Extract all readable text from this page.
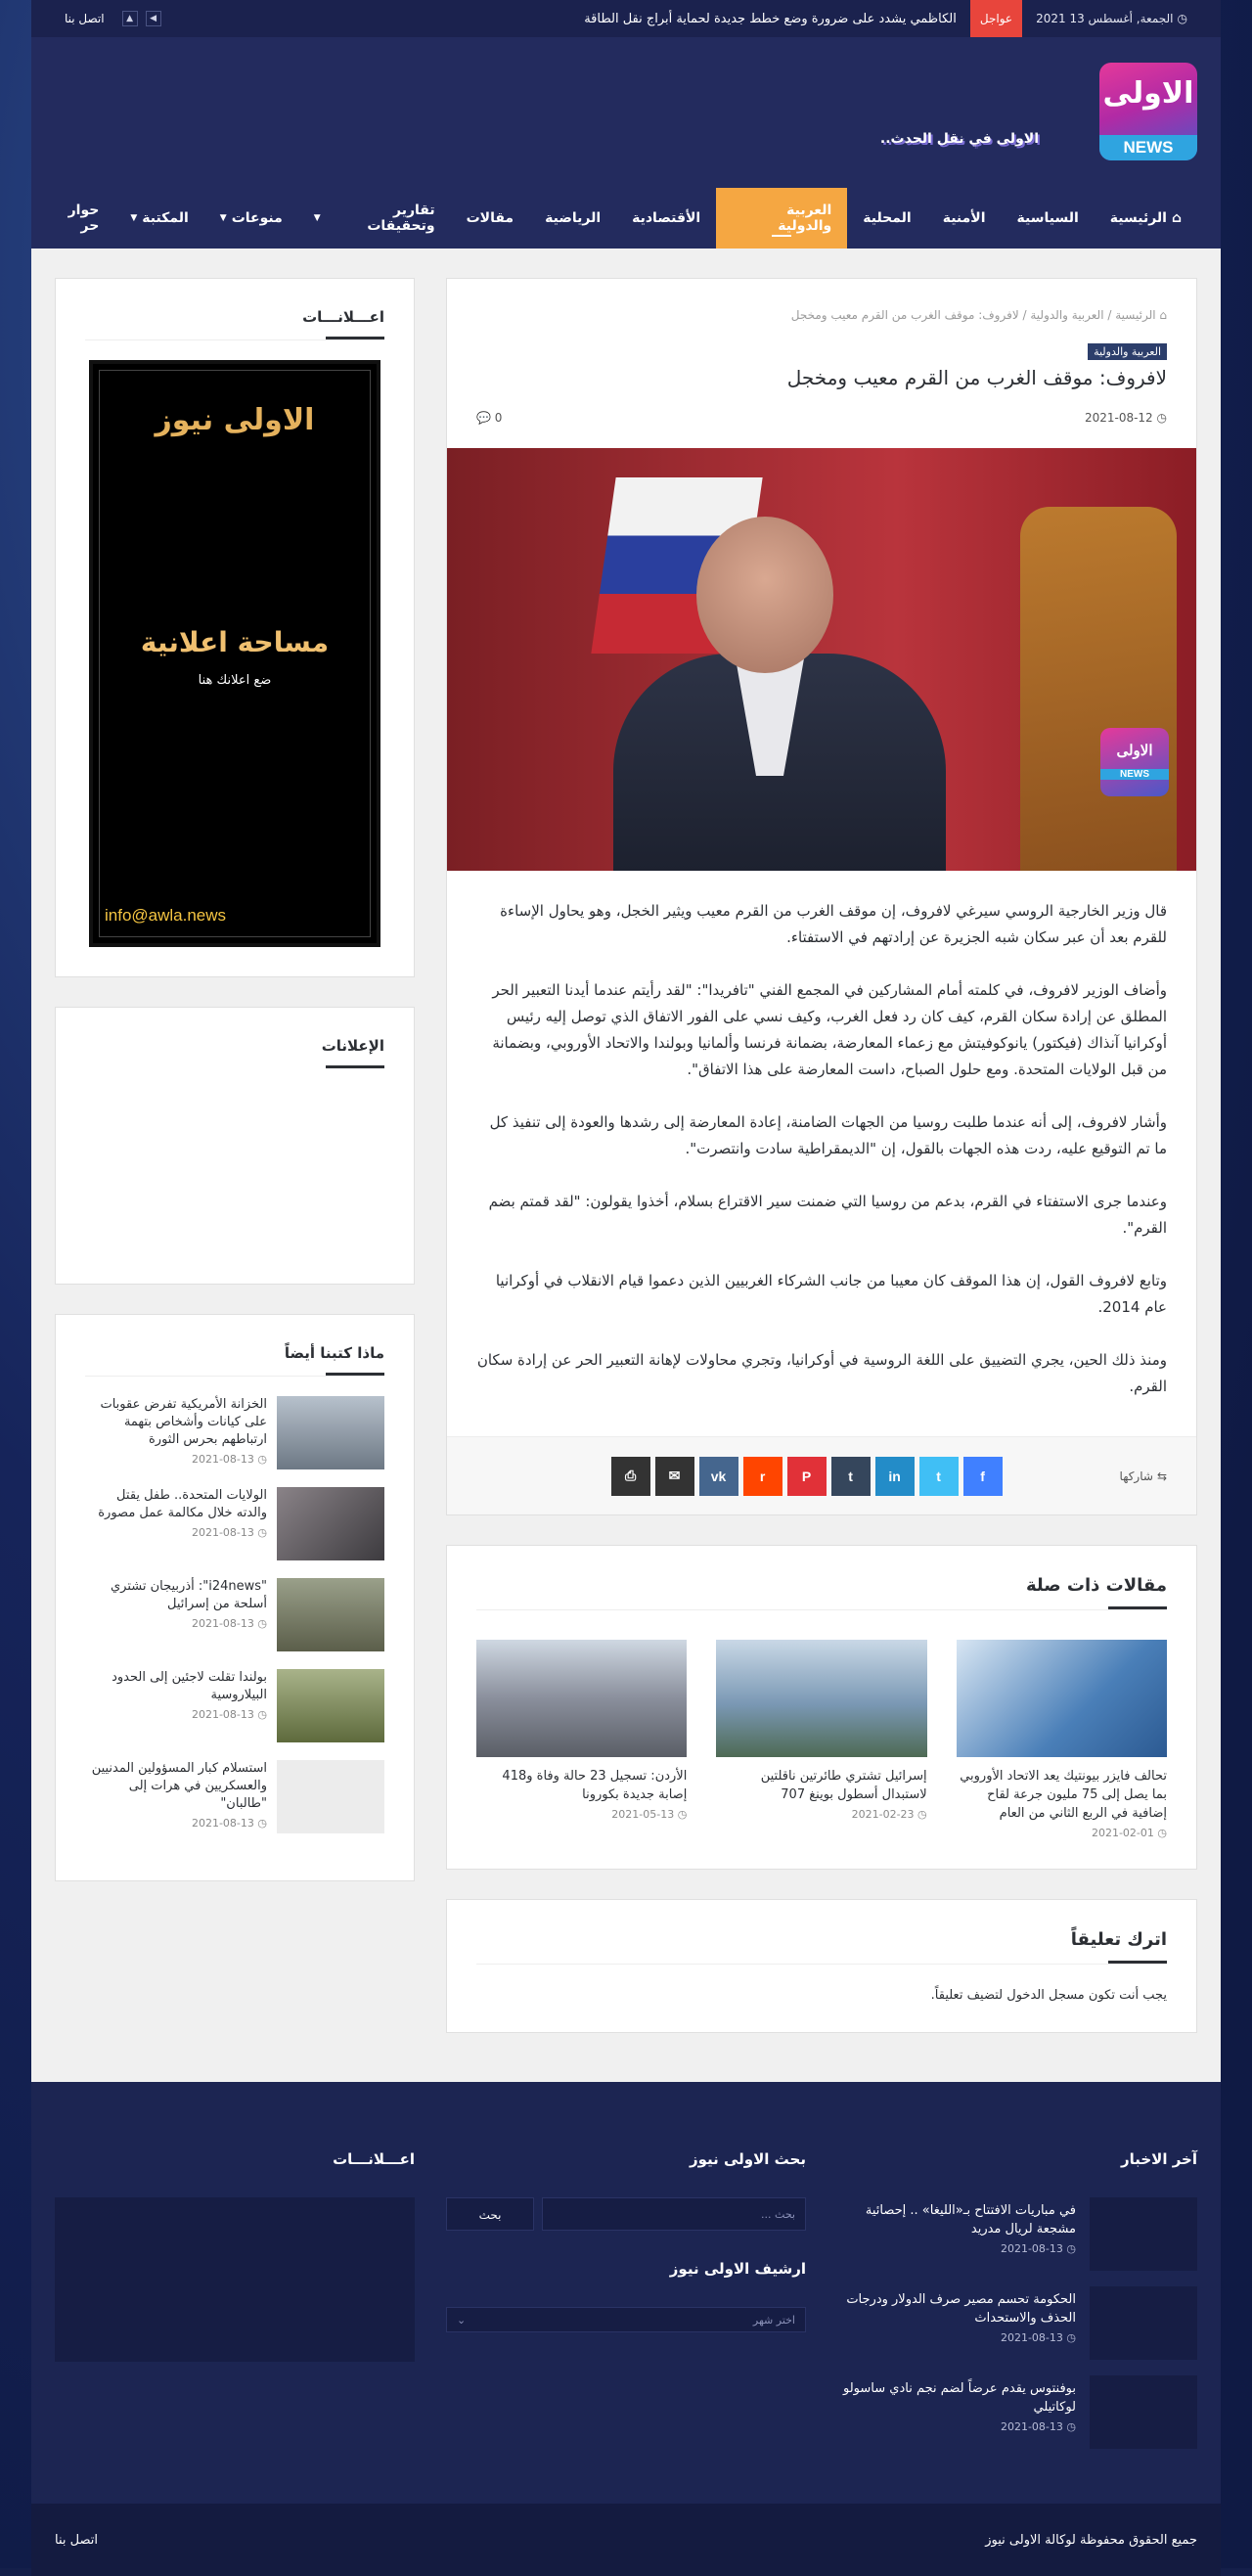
◷
الجمعة, أغسطس 13 2021
عواجل
الكاظمي يشدد على ضرورة وضع خطط جديدة لحماية أبراج نقل الطاقة
◀
▲
اتصل بنا
الاولى
NEWS
الاولى في نقل الحدث..
⌂
الرئيسية
السياسية
الأمنية
المحلية
العربية والدولية
الأقتصادية
الرياضية
مقالات
تقارير وتحقيقات
▼
منوعات
▼
المكتبة
▼
حوار حر
⌂ الرئيسية / العربية والدولية / لافروف: موقف الغرب من القرم معيب ومخجل
العربية والدولية
لافروف: موقف الغرب من القرم معيب ومخجل
◷ 2021-08-12
0 💬
الاولى
NEWS

قال وزير الخارجية الروسي سيرغي لافروف، إن موقف الغرب من القرم معيب ويثير الخجل، وهو يحاول الإساءة للقرم بعد أن عبر سكان شبه الجزيرة عن إرادتهم في الاستفتاء.

وأضاف الوزير لافروف، في كلمته أمام المشاركين في المجمع الفني "تافريدا": "لقد رأيتم عندما أيدنا التعبير الحر المطلق عن إرادة سكان القرم، كيف كان رد فعل الغرب، وكيف نسي على الفور الاتفاق الذي توصل إليه رئيس أوكرانيا آنذاك (فيكتور) يانوكوفيتش مع زعماء المعارضة، بضمانة فرنسا وألمانيا وبولندا والاتحاد الأوروبي، وبضمانة من قبل الولايات المتحدة. ومع حلول الصباح، داست المعارضة على هذا الاتفاق".

وأشار لافروف، إلى أنه عندما طلبت روسيا من الجهات الضامنة، إعادة المعارضة إلى رشدها والعودة إلى تنفيذ كل ما تم التوقيع عليه، ردت هذه الجهات بالقول، إن "الديمقراطية سادت وانتصرت".

وعندما جرى الاستفتاء في القرم، بدعم من روسيا التي ضمنت سير الاقتراع بسلام، أخذوا يقولون: "لقد قمتم بضم القرم".

وتابع لافروف القول، إن هذا الموقف كان معيبا من جانب الشركاء الغربيين الذين دعموا قيام الانقلاب في أوكرانيا عام 2014.

ومنذ ذلك الحين، يجري التضييق على اللغة الروسية في أوكرانيا، وتجري محاولات لإهانة التعبير الحر عن إرادة سكان القرم.

⇆
شاركها
f
t
in
t
P
r
vk
✉
⎙
مقالات ذات صلة
تحالف فايزر بيونتيك يعد الاتحاد الأوروبي بما يصل إلى 75 مليون جرعة لقاح إضافية في الربع الثاني من العام
◷ 2021-02-01
إسرائيل تشتري طائرتين ناقلتين لاستبدال أسطول بوينغ 707
◷ 2021-02-23
الأردن: تسجيل 23 حالة وفاة و418 إصابة جديدة بكورونا
◷ 2021-05-13
اترك تعليقاً
يجب أنت تكون مسجل الدخول لتضيف تعليقاً.
اعـــلانـــات
الاولى نيوز
مساحة اعلانية
ضع اعلانك هنا
info@awla.news
الإعلانات
ماذا كتبنا أيضاً
الخزانة الأمريكية تفرض عقوبات على كيانات وأشخاص بتهمة ارتباطهم بحرس الثورة
◷ 2021-08-13
الولايات المتحدة.. طفل يقتل والدته خلال مكالمة عمل مصورة
◷ 2021-08-13
"i24news": أذربيجان تشتري أسلحة من إسرائيل
◷ 2021-08-13
بولندا تقلت لاجئين إلى الحدود البيلاروسية
◷ 2021-08-13
استسلام كبار المسؤولين المدنيين والعسكريين في هرات إلى "طالبان"
◷ 2021-08-13
آخر الاخبار
في مباريات الافتتاح بـ«الليغا» .. إحصائية مشجعة لريال مدريد
◷ 2021-08-13
الحكومة تحسم مصير صرف الدولار ودرجات الحذف والاستحداث
◷ 2021-08-13
بوفنتوس يقدم عرضاً لضم نجم نادي ساسولو لوكاتيلي
◷ 2021-08-13
بحث الاولى نيوز
بحث ...
بحث
ارشيف الاولى نيوز
اختر شهر
⌄
اعـــلانـــات
جميع الحقوق محفوظة لوكالة الاولى نيوز
اتصل بنا
